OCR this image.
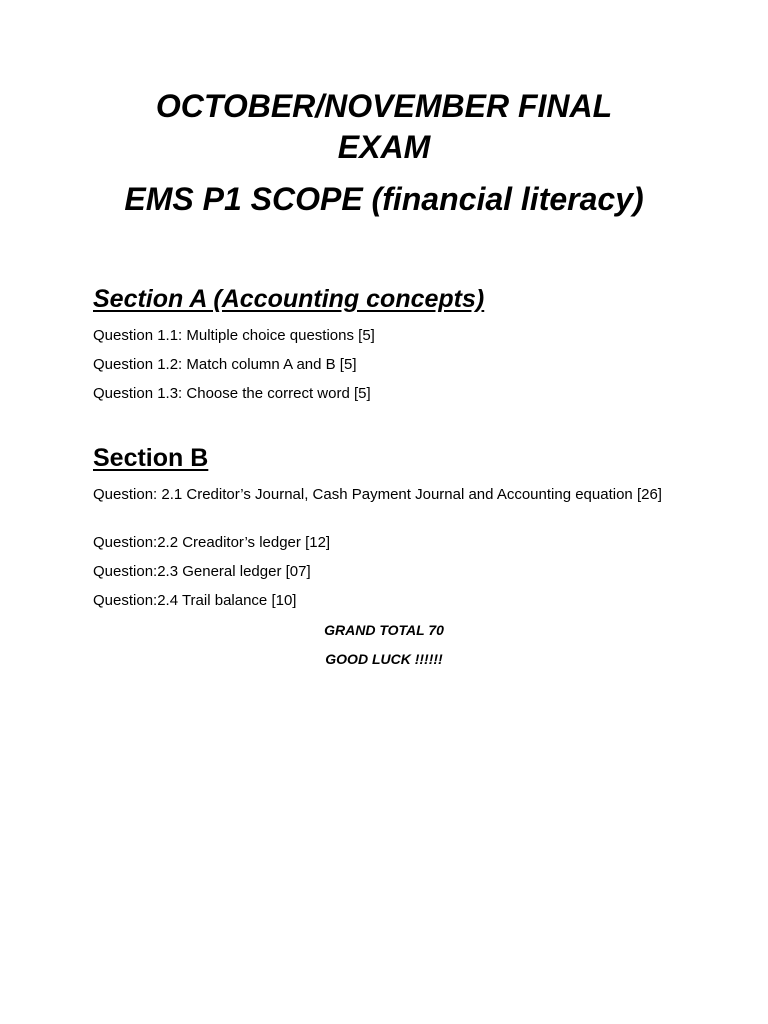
OCTOBER/NOVEMBER FINAL
EXAM
EMS P1 SCOPE (financial literacy)
Section A (Accounting concepts)

Question 1.1: Multiple choice questions [5]

Question 1.2: Match column A and B [5]

Question 1.3: Choose the correct word [5]

Section B

Question: 2.1 Creditor’s Journal, Cash Payment Journal and Accounting equation [26]

Question:2.2 Creaditor’s ledger [12]

Question:2.3 General ledger [07]

Question:2.4 Trail balance [10]

GRAND TOTAL 70

GOOD LUCK !!!!!!
